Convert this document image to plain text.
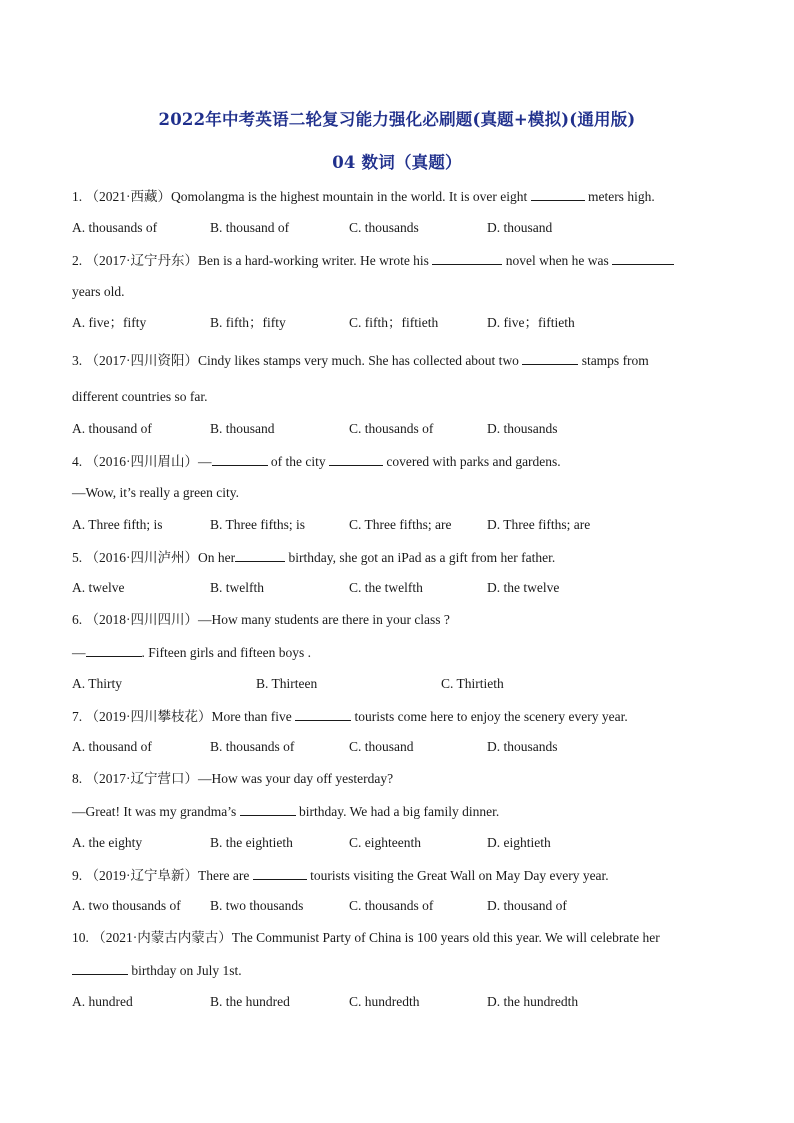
2022年中考英语二轮复习能力强化必刷题(真题+模拟)(通用版)
04 数词（真题）
1. （2021·西藏）Qomolangma is the highest mountain in the world. It is over eight	meters high.
A. thousands of	B. thousand of	C. thousands	D. thousand
2. （2017·辽宁丹东）Ben is a hard-working writer. He wrote his	novel when he was
years old.
A. five；fifty	B. fifth；fifty	C. fifth；fiftieth	D. five；fiftieth
3. （2017·四川资阳）Cindy likes stamps very much. She has collected about two	stamps from
different countries so far.
A. thousand of	B. thousand	C. thousands of	D. thousands
4. （2016·四川眉山）—	of the city	covered with parks and gardens.
—Wow, it’s really a green city.
A. Three fifth; is	B. Three fifths; is	C. Three fifths; are	D. Three fifths; are
5. （2016·四川泸州）On her	birthday, she got an iPad as a gift from her father.
A. twelve	B. twelfth	C. the twelfth	D. the twelve
6. （2018·四川四川）—How many students are there in your class ?
—	. Fifteen girls and fifteen boys .
A. Thirty	B. Thirteen	C. Thirtieth
7. （2019·四川攀枝花）More than five	tourists come here to enjoy the scenery every year.
A. thousand of	B. thousands of	C. thousand	D. thousands
8. （2017·辽宁营口）—How was your day off yesterday?
—Great! It was my grandma’s	birthday. We had a big family dinner.
A. the eighty	B. the eightieth	C. eighteenth	D. eightieth
9. （2019·辽宁阜新）There are	tourists visiting the Great Wall on May Day every year.
A. two thousands of B. two thousands	C. thousands of	D. thousand of
10. （2021·内蒙古内蒙古）The Communist Party of China is 100 years old this year. We will celebrate her
birthday on July 1st.
A. hundred	B. the hundred	C. hundredth	D. the hundredth
